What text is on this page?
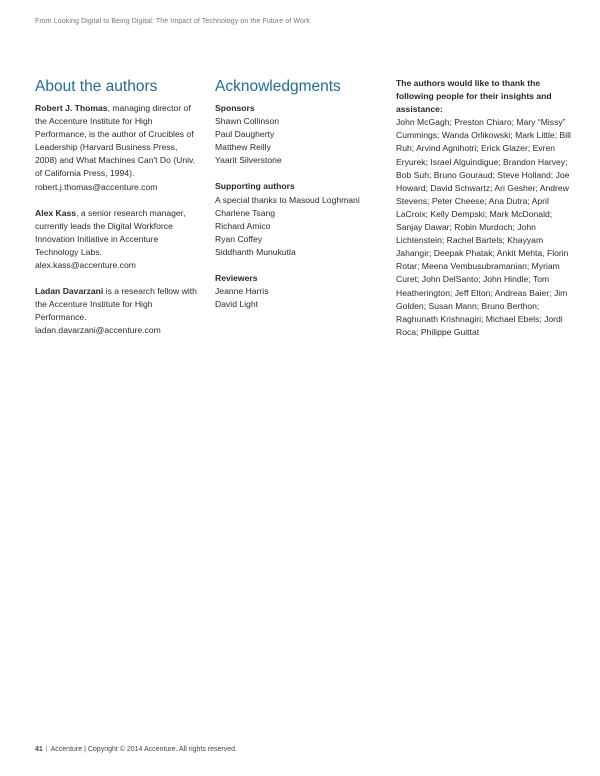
From Looking Digital to Being Digital: The Impact of Technology on the Future of Work
About the authors

Robert J. Thomas, managing director of the Accenture Institute for High Performance, is the author of Crucibles of Leadership (Harvard Business Press, 2008) and What Machines Can't Do (Univ. of California Press, 1994).
robert.j.thomas@accenture.com

Alex Kass, a senior research manager, currently leads the Digital Workforce Innovation Initiative in Accenture Technology Labs.
alex.kass@accenture.com

Ladan Davarzani is a research fellow with the Accenture Institute for High Performance.
ladan.davarzani@accenture.com

Acknowledgments

Sponsors

Shawn Collinson
Paul Daugherty
Matthew Reilly
Yaarit Silverstone

Supporting authors

A special thanks to Masoud Loghmani
Charlene Tsang
Richard Amico
Ryan Coffey
Siddhanth Munukutla

Reviewers

Jeanne Harris
David Light

The authors would like to thank the following people for their insights and assistance:

John McGagh; Preston Chiaro; Mary “Missy” Cummings; Wanda Orlikowski; Mark Little; Bill Ruh; Arvind Agnihotri; Erick Glazer; Evren Eryurek; Israel Alguindigue; Brandon Harvey; Bob Suh; Bruno Gouraud; Steve Holland; Joe Howard; David Schwartz; Ari Gesher; Andrew Stevens; Peter Cheese; Ana Dutra; April LaCroix; Kelly Dempski; Mark McDonald; Sanjay Dawar; Robin Murdoch; John Lichtenstein; Rachel Bartels; Khayyam Jahangir; Deepak Phatak; Ankit Mehta, Florin Rotar; Meena Vembusubramanian; Myriam Curet; John DelSanto; John Hindle; Tom Heatherington; Jeff Elton; Andreas Baier; Jim Golden; Susan Mann; Bruno Berthon; Raghunath Krishnagiri; Michael Ebels; Jordi Roca; Philippe Guittat

41 | Accenture | Copyright © 2014 Accenture. All rights reserved.
